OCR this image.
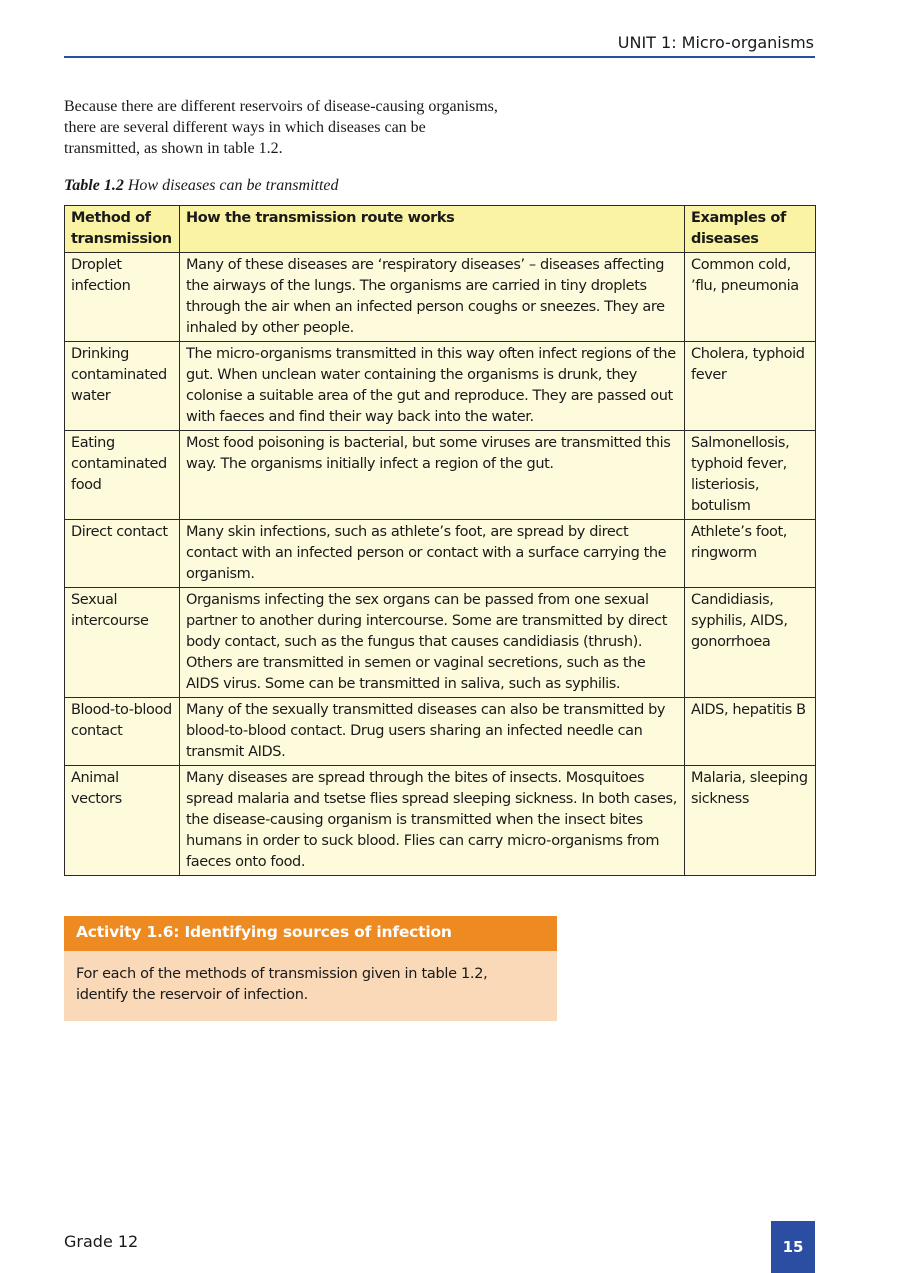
UNIT 1: Micro-organisms
Because there are different reservoirs of disease-causing organisms,
there are several different ways in which diseases can be
transmitted, as shown in table 1.2.
Table 1.2 How diseases can be transmitted
Method of transmission	How the transmission route works	Examples of diseases
Droplet infection	Many of these diseases are ‘respiratory diseases’ – diseases affecting the airways of the lungs. The organisms are carried in tiny droplets through the air when an infected person coughs or sneezes. They are inhaled by other people.	Common cold, ’flu, pneumonia
Drinking contaminated water	The micro-organisms transmitted in this way often infect regions of the gut. When unclean water containing the organisms is drunk, they colonise a suitable area of the gut and reproduce. They are passed out with faeces and find their way back into the water.	Cholera, typhoid fever
Eating contaminated food	Most food poisoning is bacterial, but some viruses are transmitted this way. The organisms initially infect a region of the gut.	Salmonellosis, typhoid fever, listeriosis, botulism
Direct contact	Many skin infections, such as athlete’s foot, are spread by direct contact with an infected person or contact with a surface carrying the organism.	Athlete’s foot, ringworm
Sexual intercourse	Organisms infecting the sex organs can be passed from one sexual partner to another during intercourse. Some are transmitted by direct body contact, such as the fungus that causes candidiasis (thrush). Others are transmitted in semen or vaginal secretions, such as the AIDS virus. Some can be transmitted in saliva, such as syphilis.	Candidiasis, syphilis, AIDS, gonorrhoea
Blood-to-blood contact	Many of the sexually transmitted diseases can also be transmitted by blood-to-blood contact. Drug users sharing an infected needle can transmit AIDS.	AIDS, hepatitis B
Animal vectors	Many diseases are spread through the bites of insects. Mosquitoes spread malaria and tsetse flies spread sleeping sickness. In both cases, the disease-causing organism is transmitted when the insect bites humans in order to suck blood. Flies can carry micro-organisms from faeces onto food.	Malaria, sleeping sickness
Activity 1.6: Identifying sources of infection
For each of the methods of transmission given in table 1.2,
identify the reservoir of infection.
Grade 12	15
